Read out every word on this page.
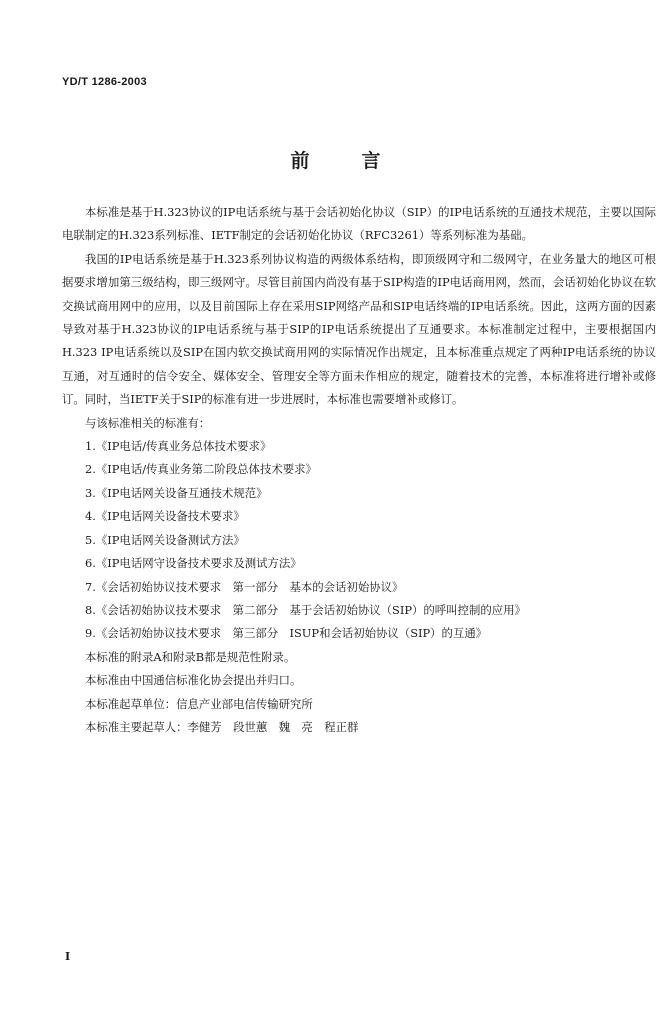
YD/T 1286-2003
前言

本标准是基于H.323协议的IP电话系统与基于会话初始化协议（SIP）的IP电话系统的互通技术规范，主要以国际电联制定的H.323系列标准、IETF制定的会话初始化协议（RFC3261）等系列标准为基础。

我国的IP电话系统是基于H.323系列协议构造的两级体系结构，即顶级网守和二级网守，在业务量大的地区可根据要求增加第三级结构，即三级网守。尽管目前国内尚没有基于SIP构造的IP电话商用网，然而，会话初始化协议在软交换试商用网中的应用，以及目前国际上存在采用SIP网络产品和SIP电话终端的IP电话系统。因此，这两方面的因素导致对基于H.323协议的IP电话系统与基于SIP的IP电话系统提出了互通要求。本标准制定过程中，主要根据国内H.323 IP电话系统以及SIP在国内软交换试商用网的实际情况作出规定，且本标准重点规定了两种IP电话系统的协议互通，对互通时的信令安全、媒体安全、管理安全等方面未作相应的规定，随着技术的完善，本标准将进行增补或修订。同时，当IETF关于SIP的标准有进一步进展时，本标准也需要增补或修订。

与该标准相关的标准有：

1.《IP电话/传真业务总体技术要求》
2.《IP电话/传真业务第二阶段总体技术要求》
3.《IP电话网关设备互通技术规范》
4.《IP电话网关设备技术要求》
5.《IP电话网关设备测试方法》
6.《IP电话网守设备技术要求及测试方法》
7.《会话初始协议技术要求　第一部分　基本的会话初始协议》
8.《会话初始协议技术要求　第二部分　基于会话初始协议（SIP）的呼叫控制的应用》
9.《会话初始协议技术要求　第三部分　ISUP和会话初始协议（SIP）的互通》

本标准的附录A和附录B都是规范性附录。

本标准由中国通信标准化协会提出并归口。

本标准起草单位：信息产业部电信传输研究所

本标准主要起草人：李健芳　段世蕙　魏　亮　程正群

I
